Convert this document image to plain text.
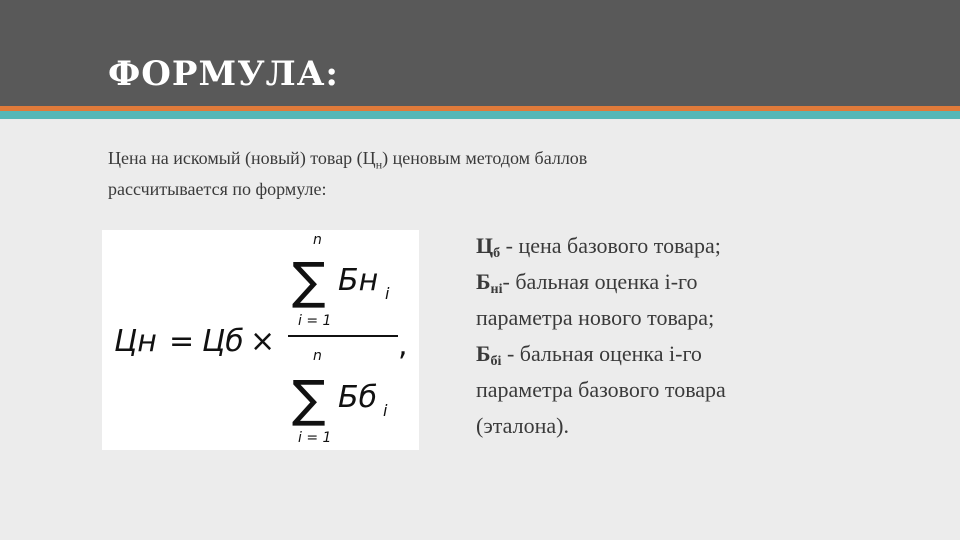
ФОРМУЛА:
Цена на искомый (новый) товар $(Ц_н)$ ценовым методом баллов
рассчитывается по формуле:
Цн = Цб ×
n
∑ Бн i
i = 1
,
n
∑ Бб i
i = 1
$Ц_б$ - цена базового товара;
$Б_{нi}-$ бальная оценка i-го
параметра нового товара;
$Б_{бi}$ - бальная оценка i-го
параметра базового товара
(эталона).
